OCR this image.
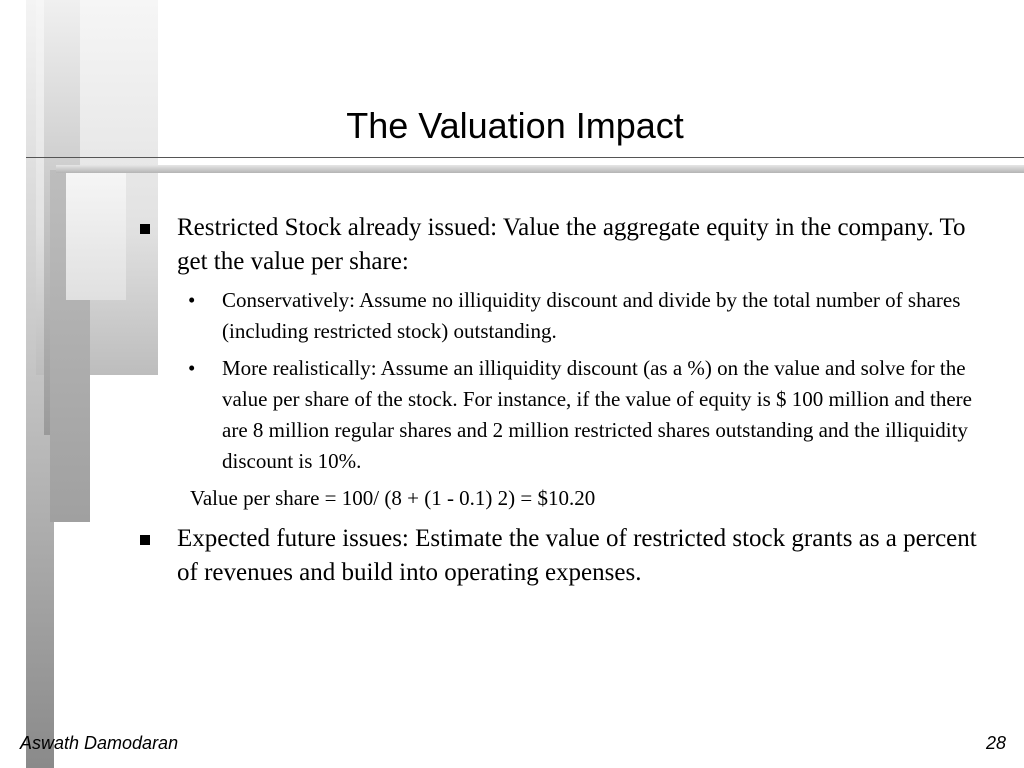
The Valuation Impact
Restricted Stock already issued: Value the aggregate equity in the company. To get the value per share:
• Conservatively: Assume no illiquidity discount and divide by the total number of shares (including restricted stock) outstanding.
• More realistically: Assume an illiquidity discount (as a %) on the value and solve for the value per share of the stock. For instance, if the value of equity is $ 100 million and there are 8 million regular shares and 2 million restricted shares outstanding and the illiquidity discount is 10%.
Value per share = 100/ (8 + (1 - 0.1) 2) = $10.20
Expected future issues: Estimate the value of restricted stock grants as a percent of revenues and build into operating expenses.
Aswath Damodaran	28
